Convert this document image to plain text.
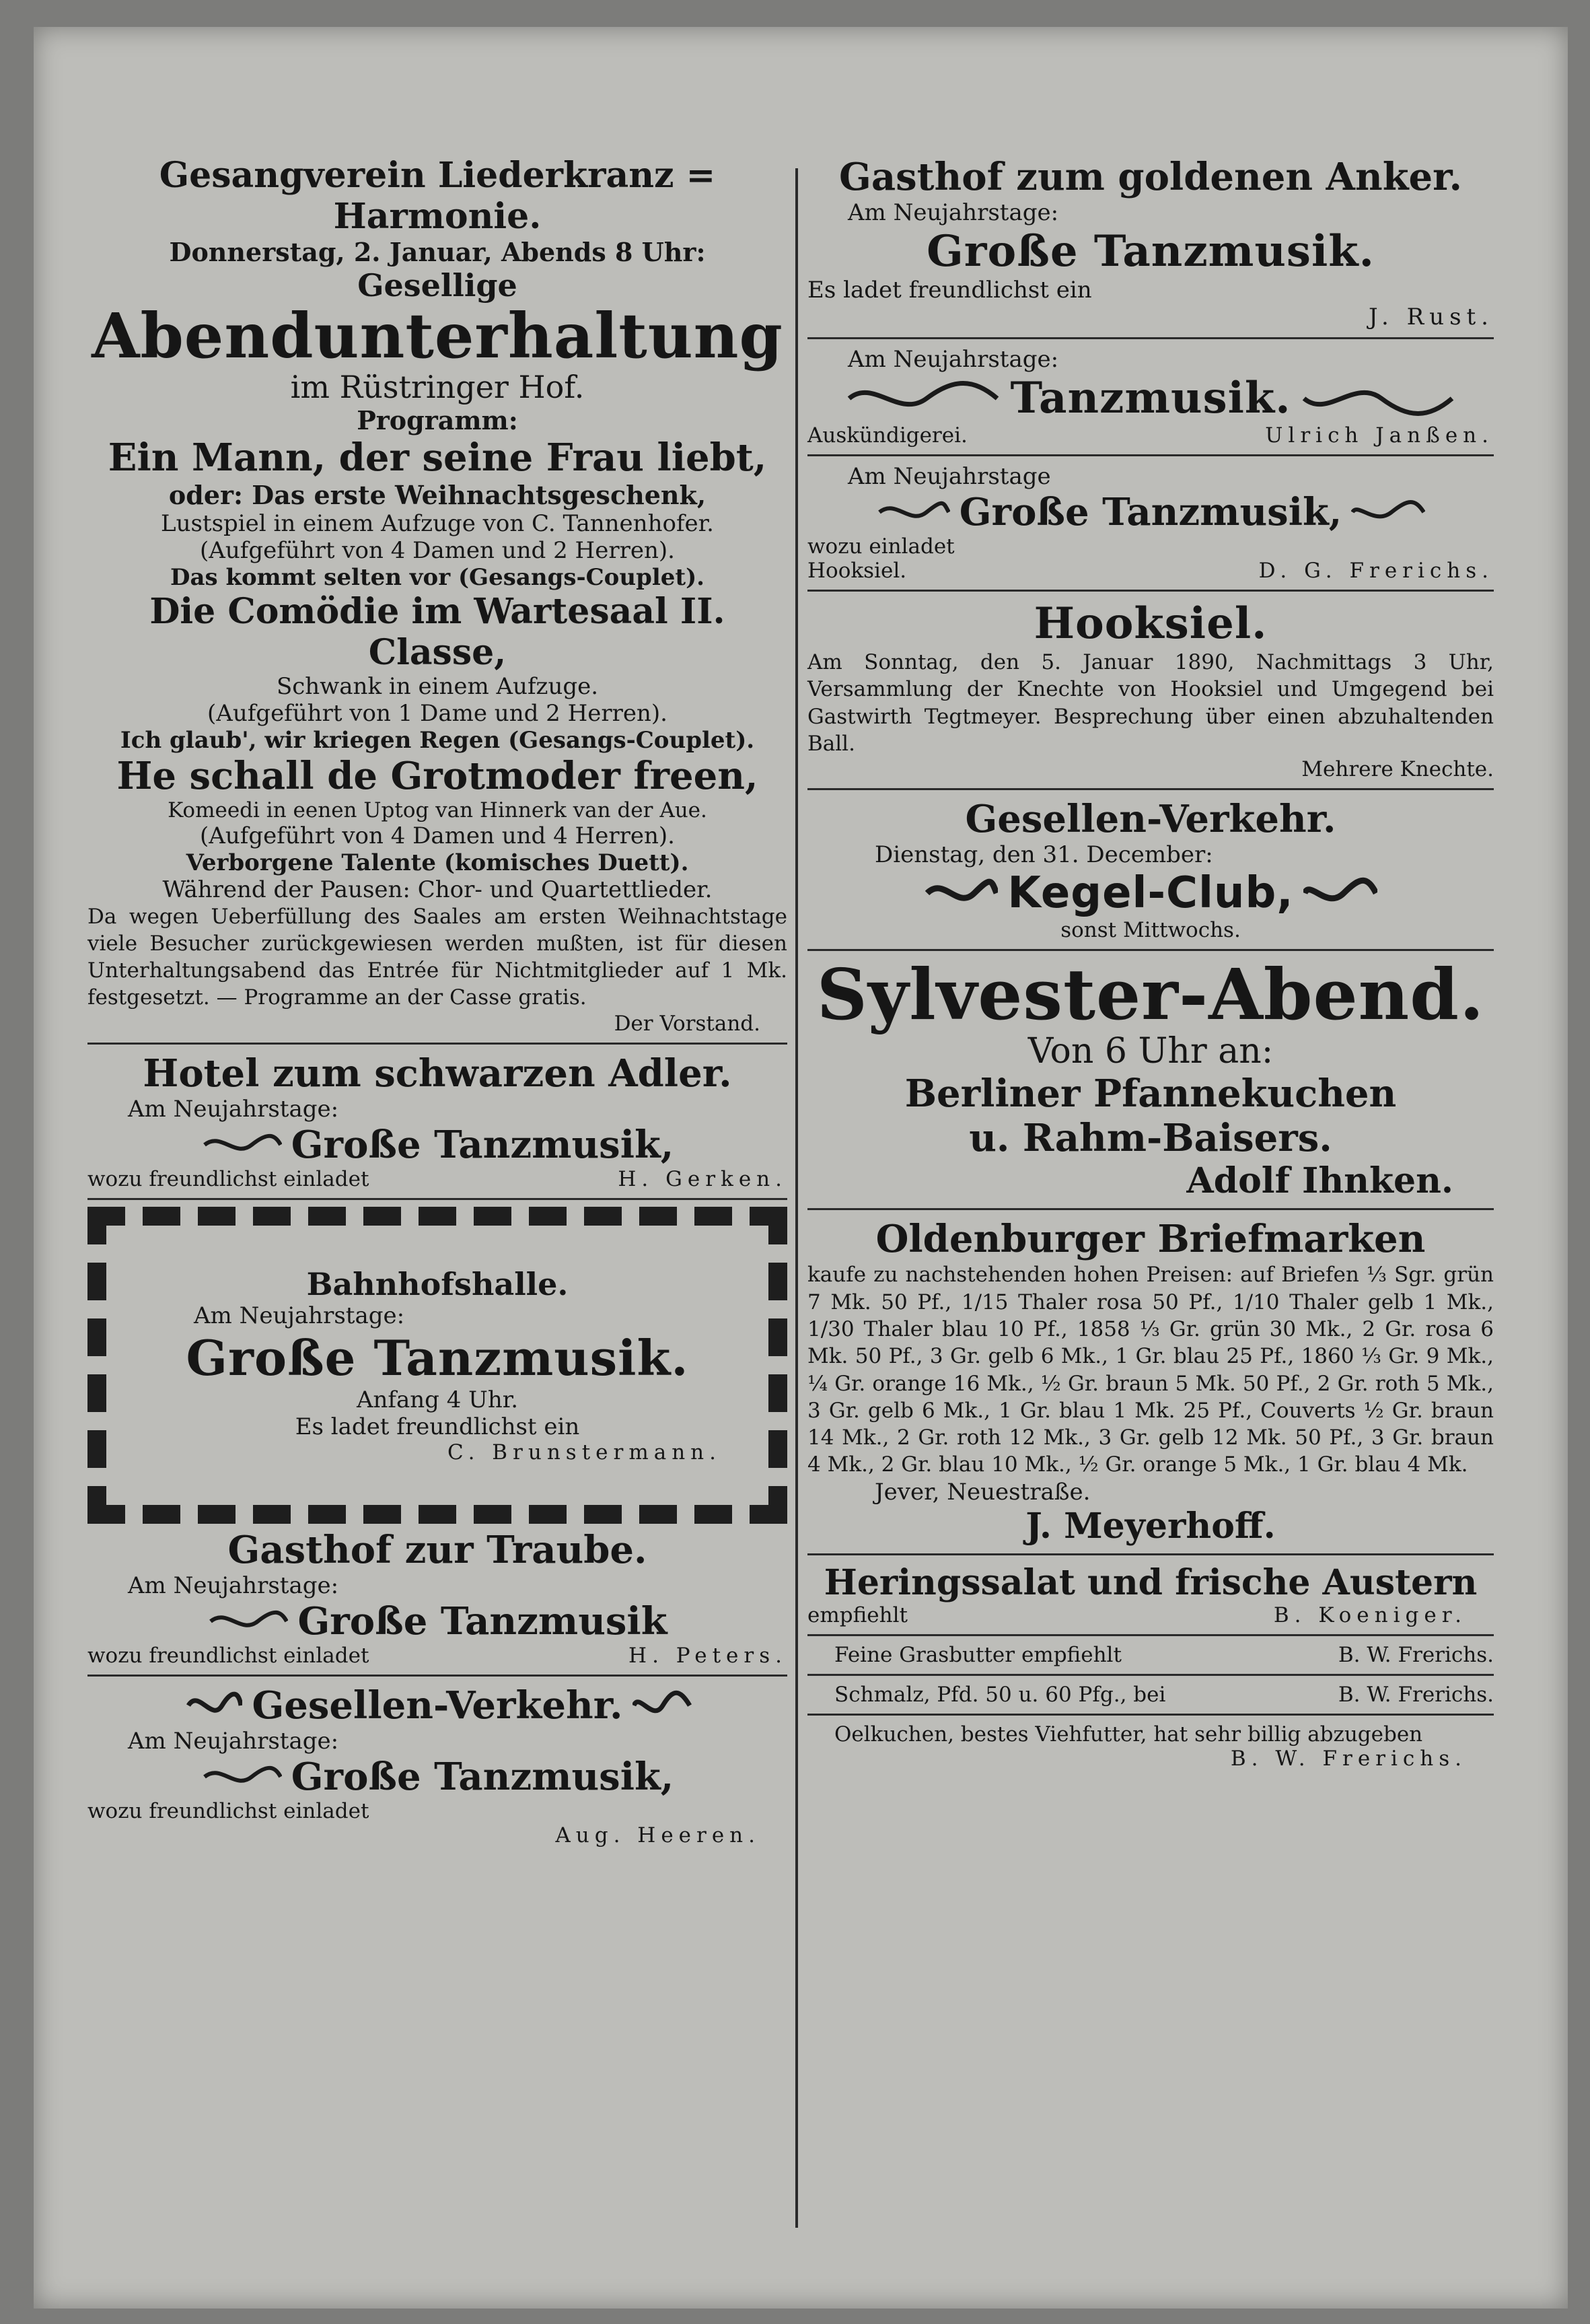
Gesangverein Liederkranz = Harmonie.
Donnerstag, 2. Januar, Abends 8 Uhr:
Gesellige
Abendunterhaltung
im Rüstringer Hof.
Programm:
Ein Mann, der seine Frau liebt,
oder: Das erste Weihnachtsgeschenk,
Lustspiel in einem Aufzuge von C. Tannenhofer.
(Aufgeführt von 4 Damen und 2 Herren).
Das kommt selten vor (Gesangs-Couplet).
Die Comödie im Wartesaal II. Classe,
Schwank in einem Aufzuge.
(Aufgeführt von 1 Dame und 2 Herren).
Ich glaub', wir kriegen Regen (Gesangs-Couplet).
He schall de Grotmoder freen,
Komeedi in eenen Uptog van Hinnerk van der Aue.
(Aufgeführt von 4 Damen und 4 Herren).
Verborgene Talente (komisches Duett).
Während der Pausen: Chor- und Quartettlieder.

Da wegen Ueberfüllung des Saales am ersten Weihnachtstage viele Besucher zurückgewiesen werden mußten, ist für diesen Unterhaltungsabend das Entrée für Nichtmitglieder auf 1 Mk. festgesetzt. — Programme an der Casse gratis.

Der Vorstand.
Hotel zum schwarzen Adler.
Am Neujahrstage:
Große Tanzmusik,
wozu freundlichst einladet	H. Gerken.
Bahnhofshalle.
Am Neujahrstage:
Große Tanzmusik.
Anfang 4 Uhr.
Es ladet freundlichst ein
C. Brunstermann.
Gasthof zur Traube.
Am Neujahrstage:
Große Tanzmusik
wozu freundlichst einladet	H. Peters.
Gesellen-Verkehr.
Am Neujahrstage:
Große Tanzmusik,
wozu freundlichst einladet
Aug. Heeren.
Gasthof zum goldenen Anker.
Am Neujahrstage:
Große Tanzmusik.
Es ladet freundlichst ein
J. Rust.
Am Neujahrstage:
Tanzmusik.
Auskündigerei.	Ulrich Janßen.
Am Neujahrstage
Große Tanzmusik,
wozu einladet
Hooksiel.	D. G. Frerichs.
Hooksiel.

Am Sonntag, den 5. Januar 1890, Nachmittags 3 Uhr, Versammlung der Knechte von Hooksiel und Umgegend bei Gastwirth Tegtmeyer. Besprechung über einen abzuhaltenden Ball.

Mehrere Knechte.
Gesellen-Verkehr.
Dienstag, den 31. December:
Kegel-Club,
sonst Mittwochs.
Sylvester-Abend.
Von 6 Uhr an:
Berliner Pfannekuchen
u. Rahm-Baisers.
Adolf Ihnken.
Oldenburger Briefmarken

kaufe zu nachstehenden hohen Preisen: auf Briefen ⅓ Sgr. grün 7 Mk. 50 Pf., 1/15 Thaler rosa 50 Pf., 1/10 Thaler gelb 1 Mk., 1/30 Thaler blau 10 Pf., 1858 ⅓ Gr. grün 30 Mk., 2 Gr. rosa 6 Mk. 50 Pf., 3 Gr. gelb 6 Mk., 1 Gr. blau 25 Pf., 1860 ⅓ Gr. 9 Mk., ¼ Gr. orange 16 Mk., ½ Gr. braun 5 Mk. 50 Pf., 2 Gr. roth 5 Mk., 3 Gr. gelb 6 Mk., 1 Gr. blau 1 Mk. 25 Pf., Couverts ½ Gr. braun 14 Mk., 2 Gr. roth 12 Mk., 3 Gr. gelb 12 Mk. 50 Pf., 3 Gr. braun 4 Mk., 2 Gr. blau 10 Mk., ½ Gr. orange 5 Mk., 1 Gr. blau 4 Mk.

Jever, Neuestraße.
J. Meyerhoff.
Heringssalat und frische Austern
empfiehlt	B. Koeniger.
Feine Grasbutter empfiehlt	B. W. Frerichs.
Schmalz, Pfd. 50 u. 60 Pfg., bei	B. W. Frerichs.

Oelkuchen, bestes Viehfutter, hat sehr billig abzugeben

B. W. Frerichs.
